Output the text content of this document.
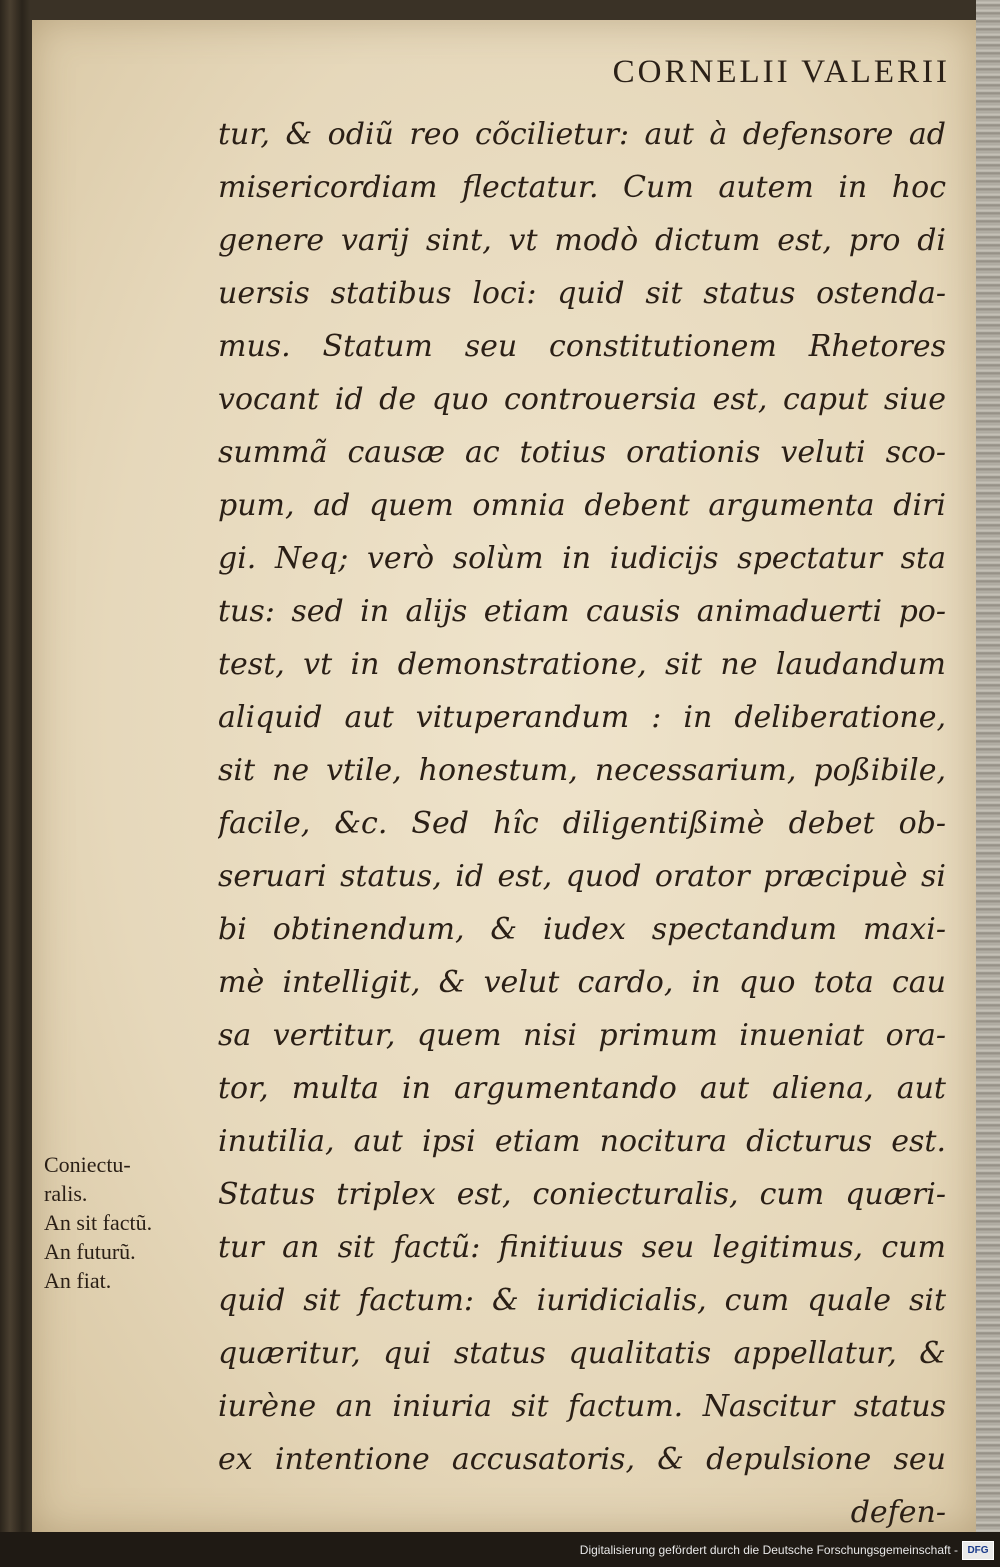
CORNELII VALERII
tur, & odiũ reo cõcilietur: aut à defensore ad
misericordiam flectatur. Cum autem in hoc
genere varij sint, vt modò dictum est, pro di
uersis statibus loci: quid sit status ostenda-
mus. Statum seu constitutionem Rhetores
vocant id de quo controuersia est, caput siue
summã causæ ac totius orationis veluti sco-
pum, ad quem omnia debent argumenta diri
gi. Neq; verò solùm in iudicijs spectatur sta
tus: sed in alijs etiam causis animaduerti po-
test, vt in demonstratione, sit ne laudandum
aliquid aut vituperandum : in deliberatione,
sit ne vtile, honestum, necessarium, poßibile,
facile, &c. Sed hîc diligentißimè debet ob-
seruari status, id est, quod orator præcipuè si
bi obtinendum, & iudex spectandum maxi-
mè intelligit, & velut cardo, in quo tota cau
sa vertitur, quem nisi primum inueniat ora-
tor, multa in argumentando aut aliena, aut
inutilia, aut ipsi etiam nocitura dicturus est.
Status triplex est, coniecturalis, cum quæri-
tur an sit factũ: finitiuus seu legitimus, cum
quid sit factum: & iuridicialis, cum quale sit
quæritur, qui status qualitatis appellatur, &
iurène an iniuria sit factum. Nascitur status
ex intentione accusatoris, & depulsione seu
defen-
Coniectu-
ralis.
An sit factũ.
An futurũ.
An fiat.
Digitalisierung gefördert durch die Deutsche Forschungsgemeinschaft - DFG
